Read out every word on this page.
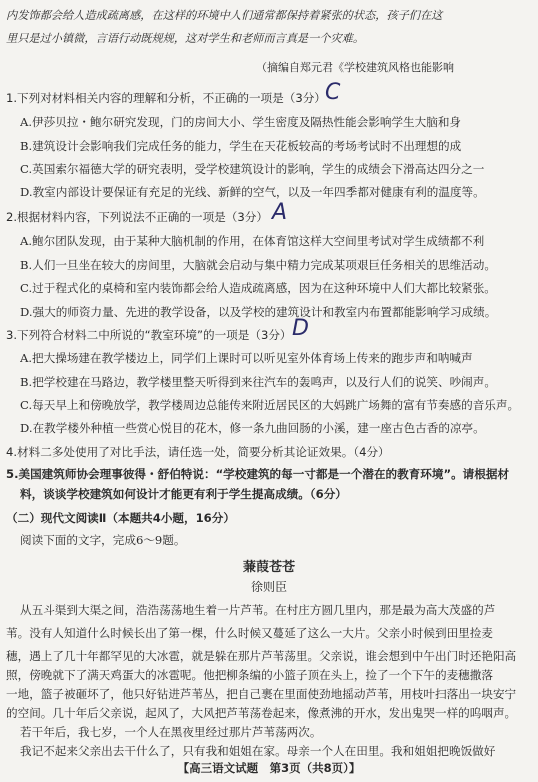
内发饰都会给人造成疏离感，在这样的环境中人们通常都保持着紧张的状态，孩子们在这
里只是过小镇微，言语行动既规规，这对学生和老师而言真是一个灾难。
（摘编自郑元君《学校建筑风格也能影响
1.下列对材料相关内容的理解和分析，不正确的一项是（3分） C
A.伊莎贝拉・鲍尔研究发现，门的房间大小、学生密度及隔热性能会影响学生大脑和身
B.建筑设计会影响我们完成任务的能力，学生在天花板较高的考场考试时不出理想的成
C.英国索尔福德大学的研究表明，受学校建筑设计的影响，学生的成绩会下滑高达四分之一
D.教室内部设计要保证有充足的光线、新鲜的空气，以及一年四季都对健康有利的温度等。
2.根据材料内容，下列说法不正确的一项是（3分） A
A.鲍尔团队发现，由于某种大脑机制的作用，在体育馆这样大空间里考试对学生成绩都不利
B.人们一旦坐在较大的房间里，大脑就会启动与集中精力完成某项艰巨任务相关的思维活动。
C.过于程式化的桌椅和室内装饰都会给人造成疏离感，因为在这种环境中人们大都比较紧张。
D.强大的师资力量、先进的教学设备，以及学校的建筑设计和教室内布置都能影响学习成绩。
3.下列符合材料二中所说的“教室环境”的一项是（3分） D
A.把大操场建在教学楼边上，同学们上课时可以听见室外体育场上传来的跑步声和呐喊声
B.把学校建在马路边，教学楼里整天听得到来往汽车的轰鸣声，以及行人们的说笑、吵闹声。
C.每天早上和傍晚放学，教学楼周边总能传来附近居民区的大妈跳广场舞的富有节奏感的音乐声。
D.在教学楼外种植一些赏心悦目的花木，修一条九曲回肠的小溪，建一座古色古香的凉亭。
4.材料二多处使用了对比手法，请任选一处，简要分析其论证效果。（4分）
5.美国建筑师协会理事彼得・舒伯特说：“学校建筑的每一寸都是一个潜在的教育环境”。请根据材
料，谈谈学校建筑如何设计才能更有利于学生提高成绩。（6分）
（二）现代文阅读Ⅱ（本题共4小题，16分）
阅读下面的文字，完成6～9题。
蒹葭苍苍
徐则臣
从五斗渠到大渠之间，浩浩荡荡地生着一片芦苇。在村庄方圆几里内，那是最为高大茂盛的芦
苇。没有人知道什么时候长出了第一棵，什么时候又蔓延了这么一大片。父亲小时候到田里捡麦
穗，遇上了几十年都罕见的大冰雹，就是躲在那片芦苇荡里。父亲说，谁会想到中午出门时还艳阳高
照，傍晚就下了满天鸡蛋大的冰雹呢。他把柳条编的小篮子顶在头上，捡了一个下午的麦穗撒落
一地，篮子被砸坏了，他只好钻进芦苇丛，把自己裹在里面使劲地摇动芦苇，用枝叶扫落出一块安宁
的空间。几十年后父亲说，起风了，大风把芦苇荡卷起来，像煮沸的开水，发出鬼哭一样的呜咽声。
若干年后，我七岁，一个人在黑夜里经过那片芦苇荡两次。
我记不起来父亲出去干什么了，只有我和姐姐在家。母亲一个人在田里。我和姐姐把晚饭做好
【高三语文试题　第3页（共8页）】
